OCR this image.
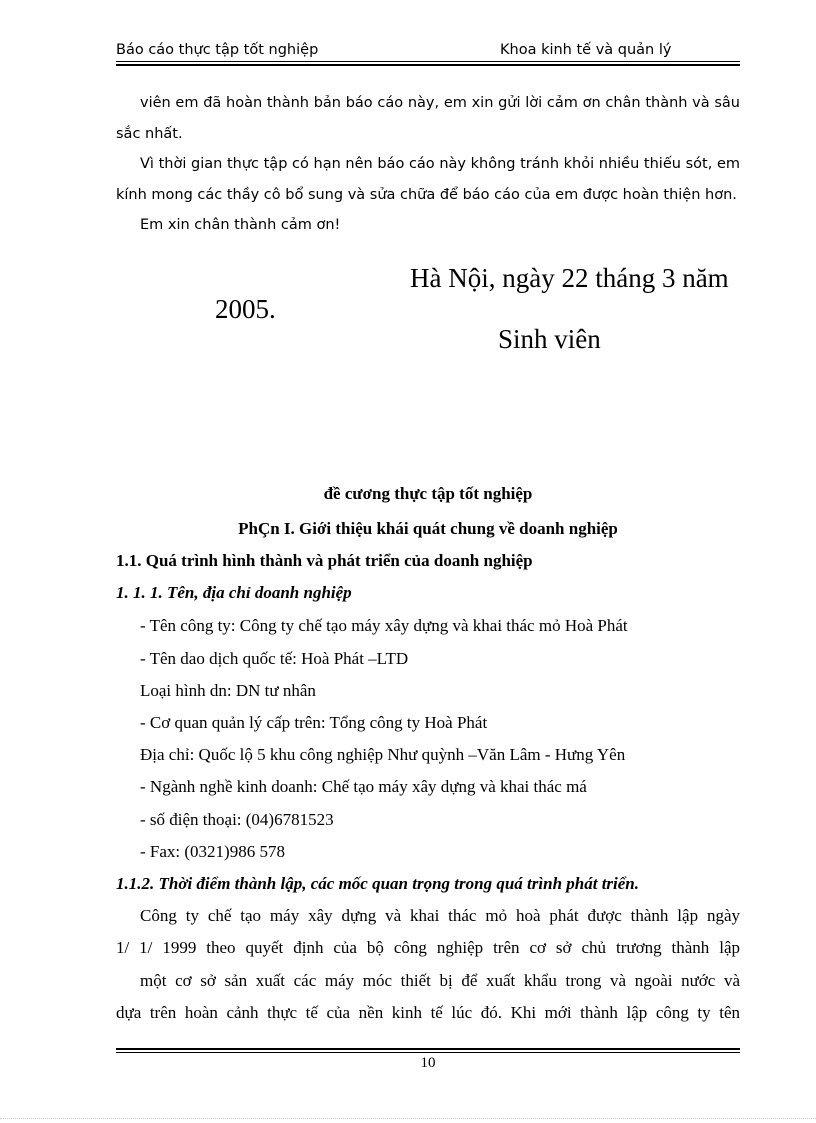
Báo cáo thực tập tốt nghiệp	Khoa kinh tế và quản lý
viên em đã hoàn thành bản báo cáo này, em xin gửi lời cảm ơn chân thành và sâu
sắc nhất.
Vì thời gian thực tập có hạn nên báo cáo này không tránh khỏi nhiều thiếu sót, em
kính mong các thầy cô bổ sung và sửa chữa để báo cáo của em được hoàn thiện hơn.
Em xin chân thành cảm ơn!
Hà Nội, ngày 22 tháng 3 năm
2005.
Sinh viên
đề cương thực tập tốt nghiệp
PhÇn I. Giới thiệu khái quát chung về doanh nghiệp
1.1. Quá trình hình thành và phát triển của doanh nghiệp
1. 1. 1. Tên, địa chỉ doanh nghiệp
- Tên công ty: Công ty chế tạo máy xây dựng và khai thác mỏ Hoà Phát
- Tên dao dịch quốc tế: Hoà Phát –LTD
Loại hình dn: DN tư nhân
- Cơ quan quản lý cấp trên: Tổng công ty Hoà Phát
Địa chỉ: Quốc lộ 5 khu công nghiệp Như quỳnh –Văn Lâm - Hưng Yên
- Ngành nghề kinh doanh: Chế tạo máy xây dựng và khai thác má
- số điện thoại: (04)6781523
- Fax: (0321)986 578
1.1.2. Thời điểm thành lập, các mốc quan trọng trong quá trình phát triển.
Công ty chế tạo máy xây dựng và khai thác mỏ hoà phát được thành lập ngày
1/ 1/ 1999 theo quyết định của bộ công nghiệp trên cơ sở chủ trương thành lập
một cơ sở sản xuất các máy móc thiết bị để xuất khẩu trong và ngoài nước và
dựa trên hoàn cảnh thực tế của nền kinh tế lúc đó. Khi mới thành lập công ty tên
10
